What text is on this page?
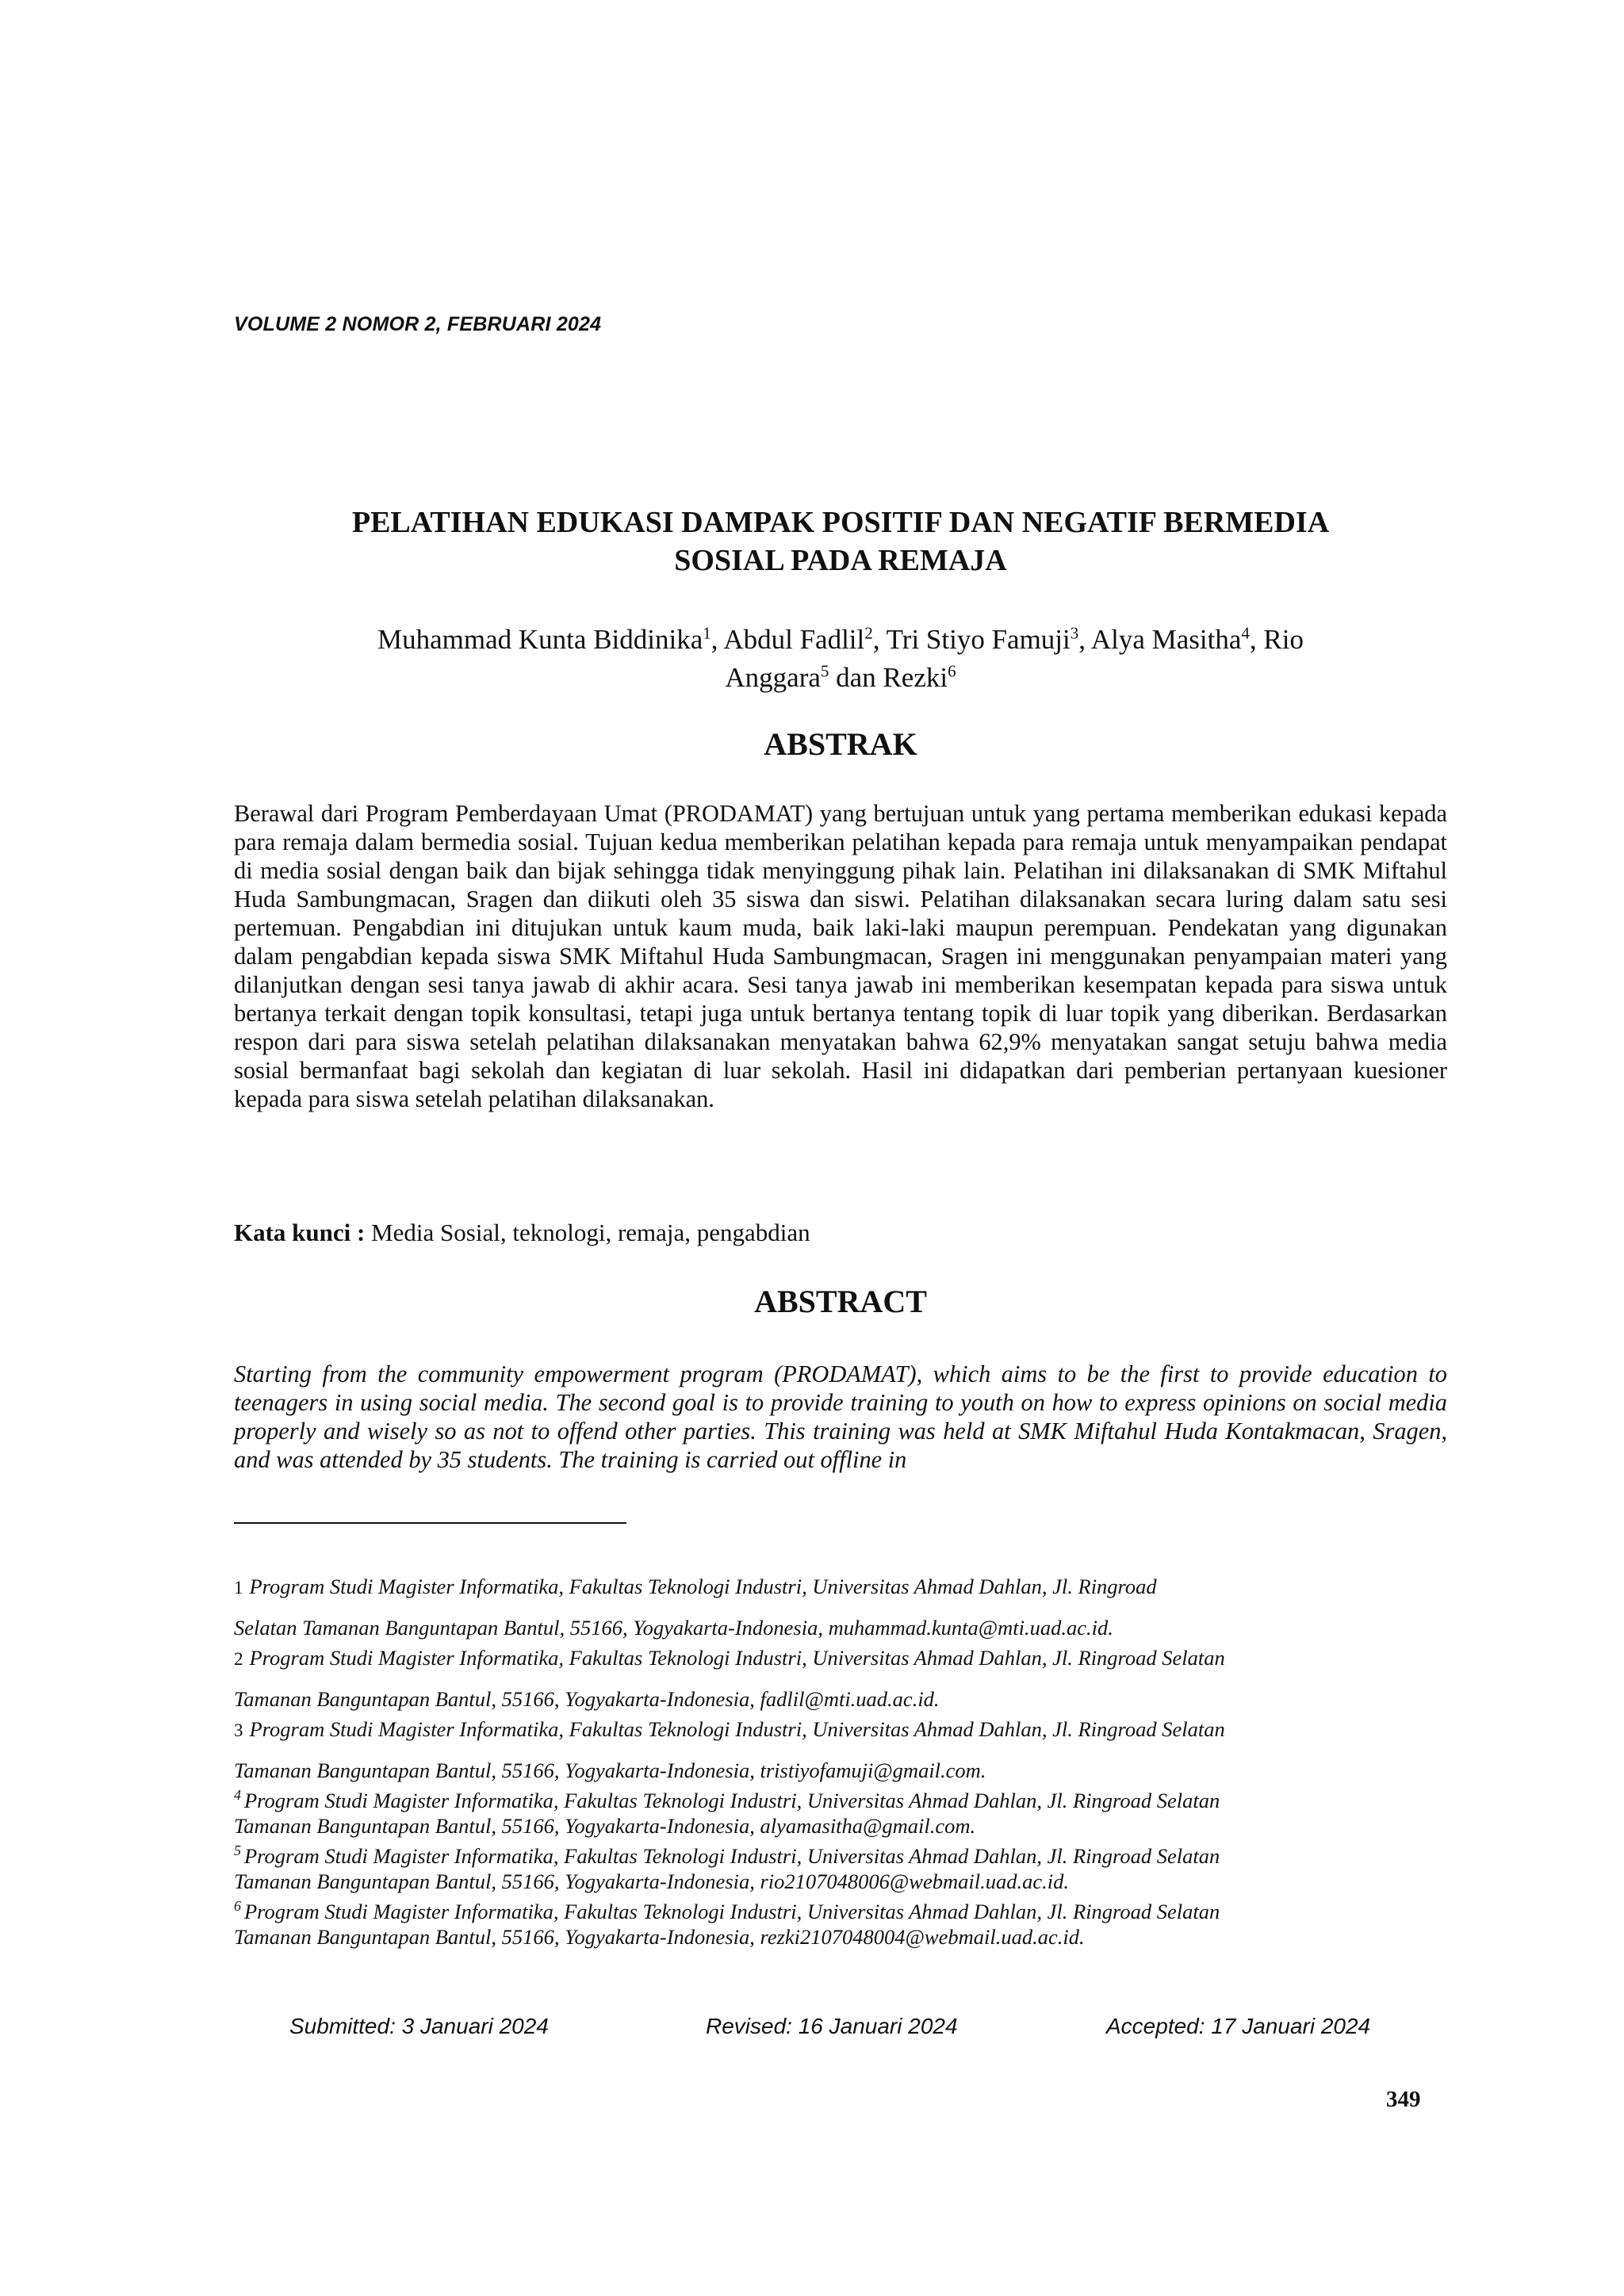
VOLUME 2 NOMOR 2, FEBRUARI 2024
PELATIHAN EDUKASI DAMPAK POSITIF DAN NEGATIF BERMEDIA
SOSIAL PADA REMAJA
Muhammad Kunta Biddinika$^1$, Abdul Fadlil$^2$, Tri Stiyo Famuji$^3$, Alya Masitha$^4$, Rio
Anggara$^5$ dan Rezki$^6$
ABSTRAK
Berawal dari Program Pemberdayaan Umat (PRODAMAT) yang bertujuan untuk yang pertama memberikan edukasi kepada para remaja dalam bermedia sosial. Tujuan kedua memberikan pelatihan kepada para remaja untuk menyampaikan pendapat di media sosial dengan baik dan bijak sehingga tidak menyinggung pihak lain. Pelatihan ini dilaksanakan di SMK Miftahul Huda Sambungmacan, Sragen dan diikuti oleh 35 siswa dan siswi. Pelatihan dilaksanakan secara luring dalam satu sesi pertemuan. Pengabdian ini ditujukan untuk kaum muda, baik laki-laki maupun perempuan. Pendekatan yang digunakan dalam pengabdian kepada siswa SMK Miftahul Huda Sambungmacan, Sragen ini menggunakan penyampaian materi yang dilanjutkan dengan sesi tanya jawab di akhir acara. Sesi tanya jawab ini memberikan kesempatan kepada para siswa untuk bertanya terkait dengan topik konsultasi, tetapi juga untuk bertanya tentang topik di luar topik yang diberikan. Berdasarkan respon dari para siswa setelah pelatihan dilaksanakan menyatakan bahwa 62,9% menyatakan sangat setuju bahwa media sosial bermanfaat bagi sekolah dan kegiatan di luar sekolah. Hasil ini didapatkan dari pemberian pertanyaan kuesioner kepada para siswa setelah pelatihan dilaksanakan.
Kata kunci : Media Sosial, teknologi, remaja, pengabdian
ABSTRACT
Starting from the community empowerment program (PRODAMAT), which aims to be the first to provide education to teenagers in using social media. The second goal is to provide training to youth on how to express opinions on social media properly and wisely so as not to offend other parties. This training was held at SMK Miftahul Huda Kontakmacan, Sragen, and was attended by 35 students. The training is carried out offline in
1 Program Studi Magister Informatika, Fakultas Teknologi Industri, Universitas Ahmad Dahlan, Jl. Ringroad
Selatan Tamanan Banguntapan Bantul, 55166, Yogyakarta-Indonesia, muhammad.kunta@mti.uad.ac.id.
2 Program Studi Magister Informatika, Fakultas Teknologi Industri, Universitas Ahmad Dahlan, Jl. Ringroad Selatan
Tamanan Banguntapan Bantul, 55166, Yogyakarta-Indonesia, fadlil@mti.uad.ac.id.
3 Program Studi Magister Informatika, Fakultas Teknologi Industri, Universitas Ahmad Dahlan, Jl. Ringroad Selatan
Tamanan Banguntapan Bantul, 55166, Yogyakarta-Indonesia, tristiyofamuji@gmail.com.
$^4$ Program Studi Magister Informatika, Fakultas Teknologi Industri, Universitas Ahmad Dahlan, Jl. Ringroad Selatan
Tamanan Banguntapan Bantul, 55166, Yogyakarta-Indonesia, alyamasitha@gmail.com.
$^5$ Program Studi Magister Informatika, Fakultas Teknologi Industri, Universitas Ahmad Dahlan, Jl. Ringroad Selatan
Tamanan Banguntapan Bantul, 55166, Yogyakarta-Indonesia, rio2107048006@webmail.uad.ac.id.
$^6$ Program Studi Magister Informatika, Fakultas Teknologi Industri, Universitas Ahmad Dahlan, Jl. Ringroad Selatan
Tamanan Banguntapan Bantul, 55166, Yogyakarta-Indonesia, rezki2107048004@webmail.uad.ac.id.
Submitted: 3 Januari 2024	Revised: 16 Januari 2024	Accepted: 17 Januari 2024
349
